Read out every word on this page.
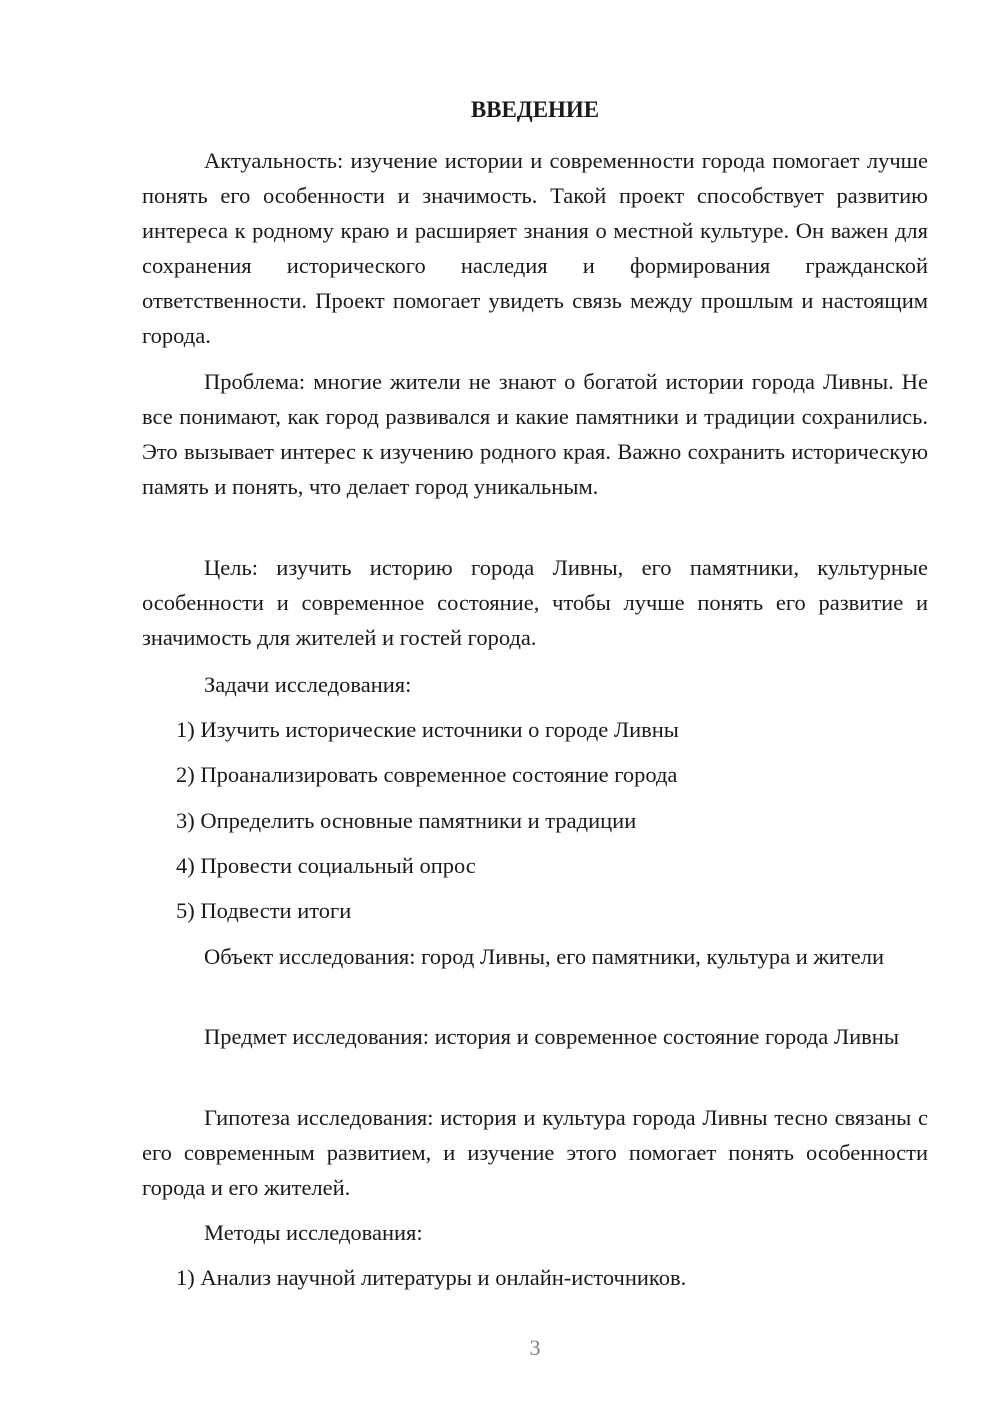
ВВЕДЕНИЕ

Актуальность: изучение истории и современности города помогает лучше понять его особенности и значимость. Такой проект способствует развитию интереса к родному краю и расширяет знания о местной культуре. Он важен для сохранения исторического наследия и формирования гражданской ответственности. Проект помогает увидеть связь между прошлым и настоящим города.

Проблема: многие жители не знают о богатой истории города Ливны. Не все понимают, как город развивался и какие памятники и традиции сохранились. Это вызывает интерес к изучению родного края. Важно сохранить историческую память и понять, что делает город уникальным.

Цель: изучить историю города Ливны, его памятники, культурные особенности и современное состояние, чтобы лучше понять его развитие и значимость для жителей и гостей города.

Задачи исследования:

1) Изучить исторические источники о городе Ливны

2) Проанализировать современное состояние города

3) Определить основные памятники и традиции

4) Провести социальный опрос

5) Подвести итоги

Объект исследования: город Ливны, его памятники, культура и жители

Предмет исследования: история и современное состояние города Ливны

Гипотеза исследования: история и культура города Ливны тесно связаны с его современным развитием, и изучение этого помогает понять особенности города и его жителей.

Методы исследования:

1) Анализ научной литературы и онлайн-источников.

3
